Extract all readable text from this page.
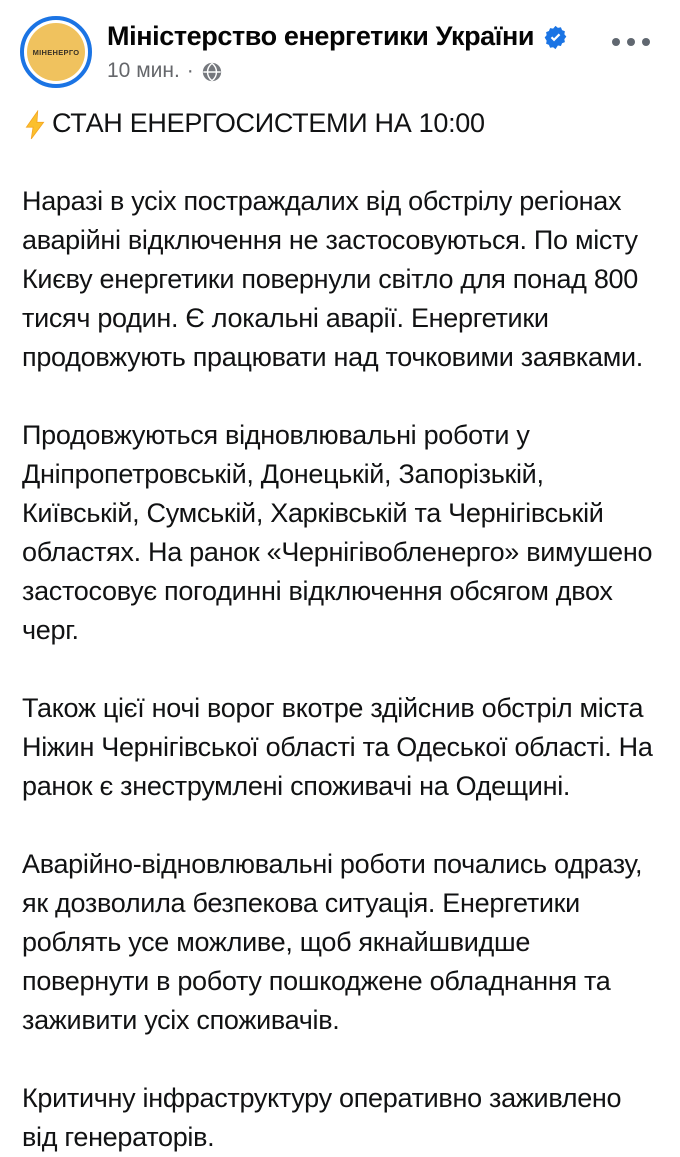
МІНЕНЕРГО
Міністерство енергетики України
10 мин. ·
СТАН ЕНЕРГОСИСТЕМИ НА 10:00

Наразі в усіх постраждалих від обстрілу регіонах аварійні відключення не застосовуються. По місту Києву енергетики повернули світло для понад 800 тисяч родин. Є локальні аварії. Енергетики продовжують працювати над точковими заявками.

Продовжуються відновлювальні роботи у Дніпропетровській, Донецькій, Запорізькій, Київській, Сумській, Харківській та Чернігівській областях. На ранок «Чернігівобленерго» вимушено застосовує погодинні відключення обсягом двох черг.

Також цієї ночі ворог вкотре здійснив обстріл міста Ніжин Чернігівської області та Одеської області. На ранок є знеструмлені споживачі на Одещині.

Аварійно-відновлювальні роботи почались одразу, як дозволила безпекова ситуація. Енергетики роблять усе можливе, щоб якнайшвидше повернути в роботу пошкоджене обладнання та заживити усіх споживачів.

Критичну інфраструктуру оперативно заживлено від генераторів.
